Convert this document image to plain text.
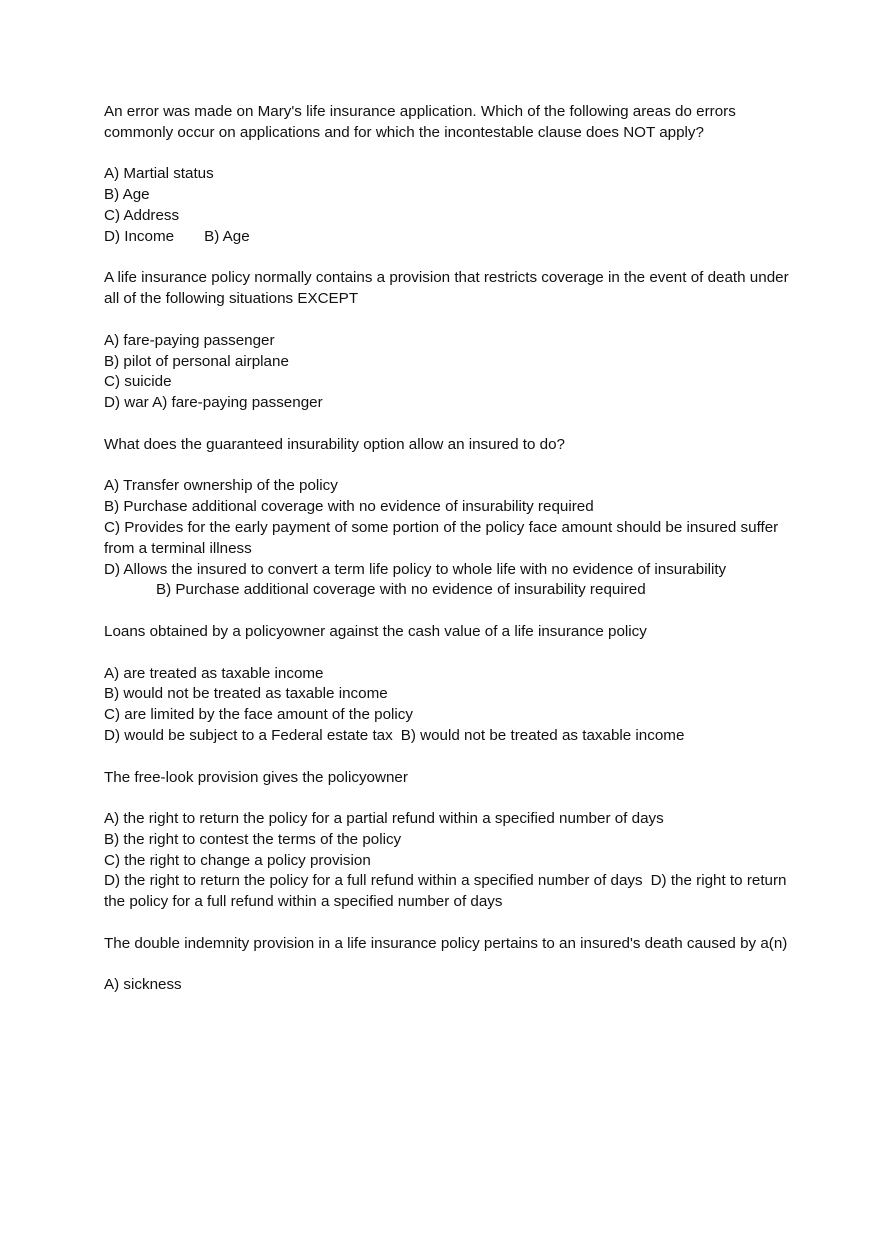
An error was made on Mary's life insurance application. Which of the following areas do errors commonly occur on applications and for which the incontestable clause does NOT apply?

A) Martial status
B) Age
C) Address
D) Income B) Age

A life insurance policy normally contains a provision that restricts coverage in the event of death under all of the following situations EXCEPT

A) fare-paying passenger
B) pilot of personal airplane
C) suicide
D) war A) fare-paying passenger

What does the guaranteed insurability option allow an insured to do?

A) Transfer ownership of the policy
B) Purchase additional coverage with no evidence of insurability required
C) Provides for the early payment of some portion of the policy face amount should be insured suffer from a terminal illness
D) Allows the insured to convert a term life policy to whole life with no evidence of insurability
B) Purchase additional coverage with no evidence of insurability required

Loans obtained by a policyowner against the cash value of a life insurance policy

A) are treated as taxable income
B) would not be treated as taxable income
C) are limited by the face amount of the policy
D) would be subject to a Federal estate tax B) would not be treated as taxable income

The free-look provision gives the policyowner

A) the right to return the policy for a partial refund within a specified number of days
B) the right to contest the terms of the policy
C) the right to change a policy provision
D) the right to return the policy for a full refund within a specified number of days D) the right to return the policy for a full refund within a specified number of days

The double indemnity provision in a life insurance policy pertains to an insured's death caused by a(n)

A) sickness
